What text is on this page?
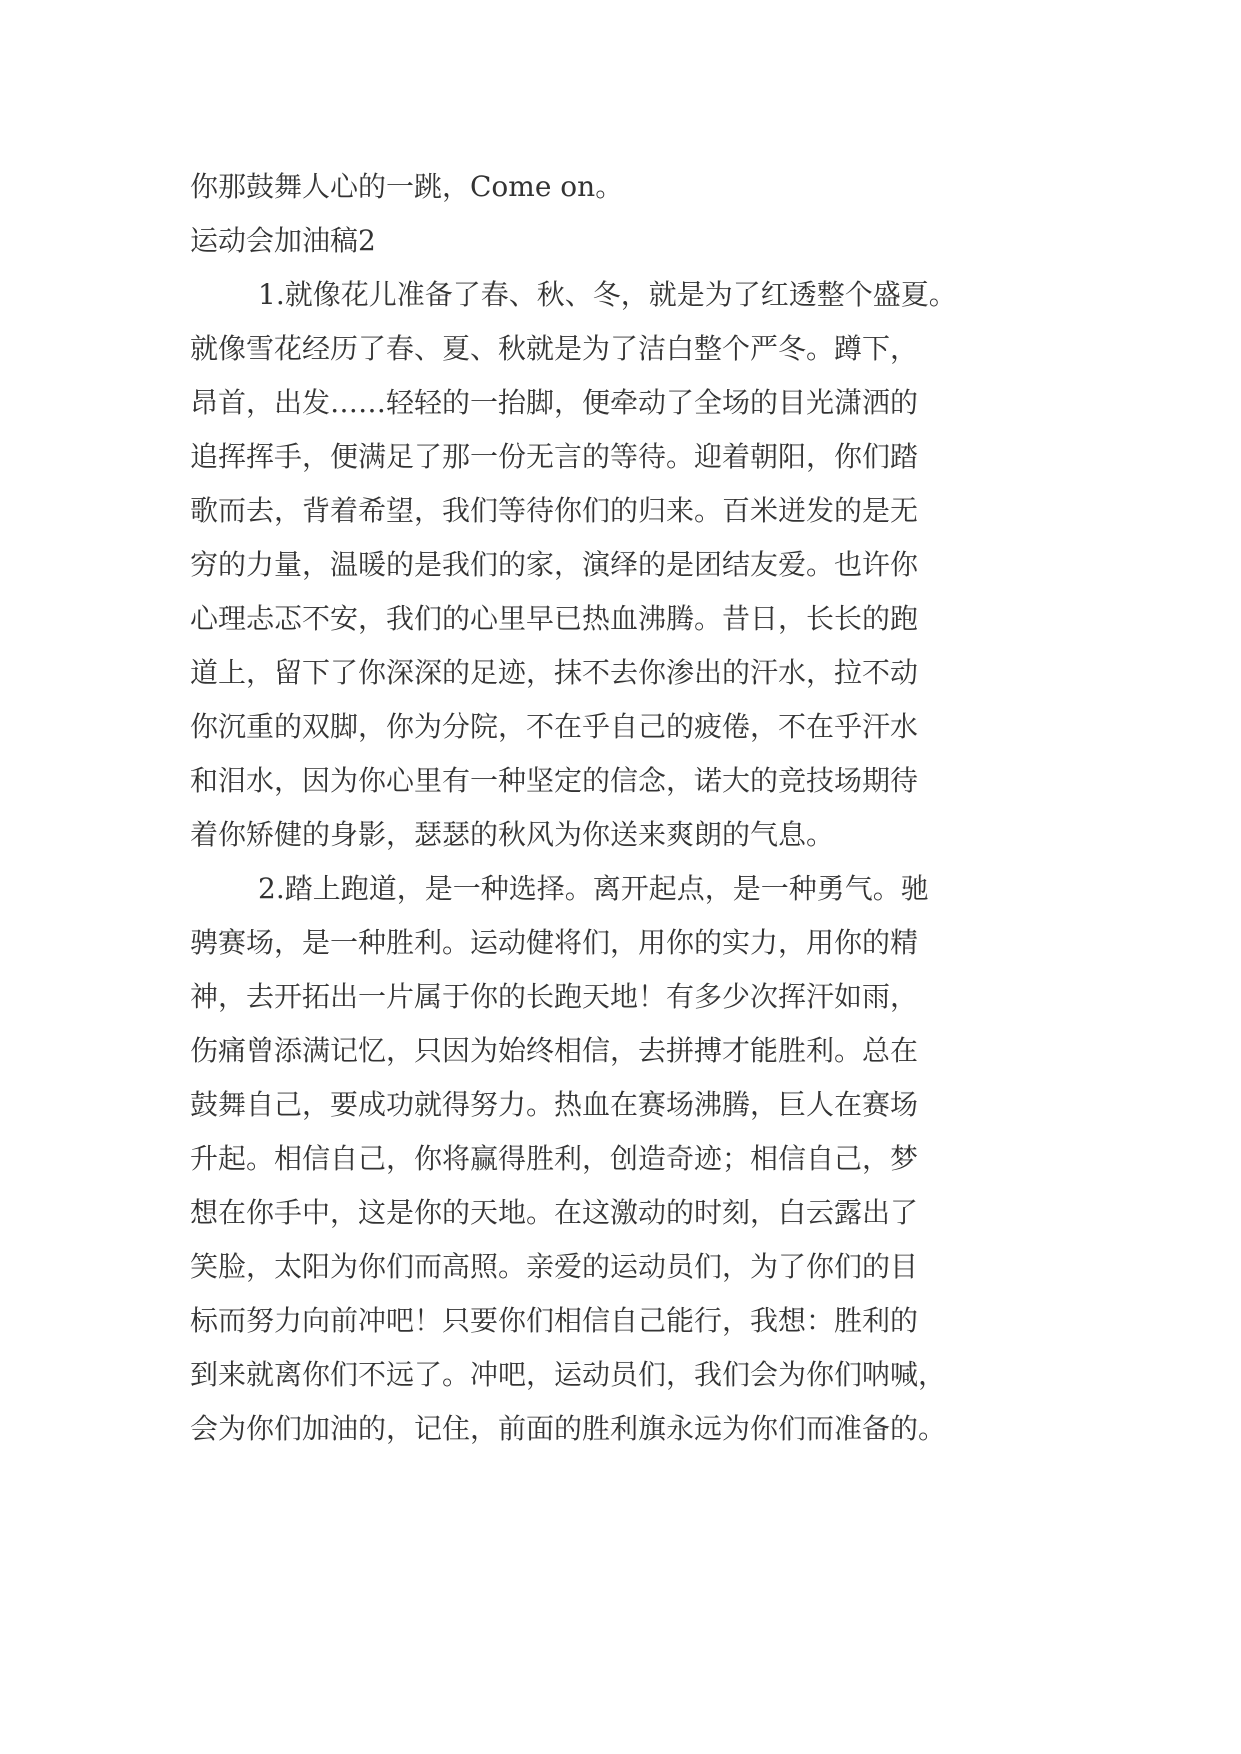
你那鼓舞人心的一跳，Come on。
运动会加油稿2
1.就像花儿准备了春、秋、冬，就是为了红透整个盛夏。
就像雪花经历了春、夏、秋就是为了洁白整个严冬。蹲下，
昂首，出发……轻轻的一抬脚，便牵动了全场的目光潇洒的
追挥挥手，便满足了那一份无言的等待。迎着朝阳，你们踏
歌而去，背着希望，我们等待你们的归来。百米迸发的是无
穷的力量，温暖的是我们的家，演绎的是团结友爱。也许你
心理忐忑不安，我们的心里早已热血沸腾。昔日，长长的跑
道上，留下了你深深的足迹，抹不去你渗出的汗水，拉不动
你沉重的双脚，你为分院，不在乎自己的疲倦，不在乎汗水
和泪水，因为你心里有一种坚定的信念，诺大的竞技场期待
着你矫健的身影，瑟瑟的秋风为你送来爽朗的气息。
2.踏上跑道，是一种选择。离开起点，是一种勇气。驰
骋赛场，是一种胜利。运动健将们，用你的实力，用你的精
神，去开拓出一片属于你的长跑天地！有多少次挥汗如雨，
伤痛曾添满记忆，只因为始终相信，去拼搏才能胜利。总在
鼓舞自己，要成功就得努力。热血在赛场沸腾，巨人在赛场
升起。相信自己，你将赢得胜利，创造奇迹；相信自己，梦
想在你手中，这是你的天地。在这激动的时刻，白云露出了
笑脸，太阳为你们而高照。亲爱的运动员们，为了你们的目
标而努力向前冲吧！只要你们相信自己能行，我想：胜利的
到来就离你们不远了。冲吧，运动员们，我们会为你们呐喊，
会为你们加油的，记住，前面的胜利旗永远为你们而准备的。
